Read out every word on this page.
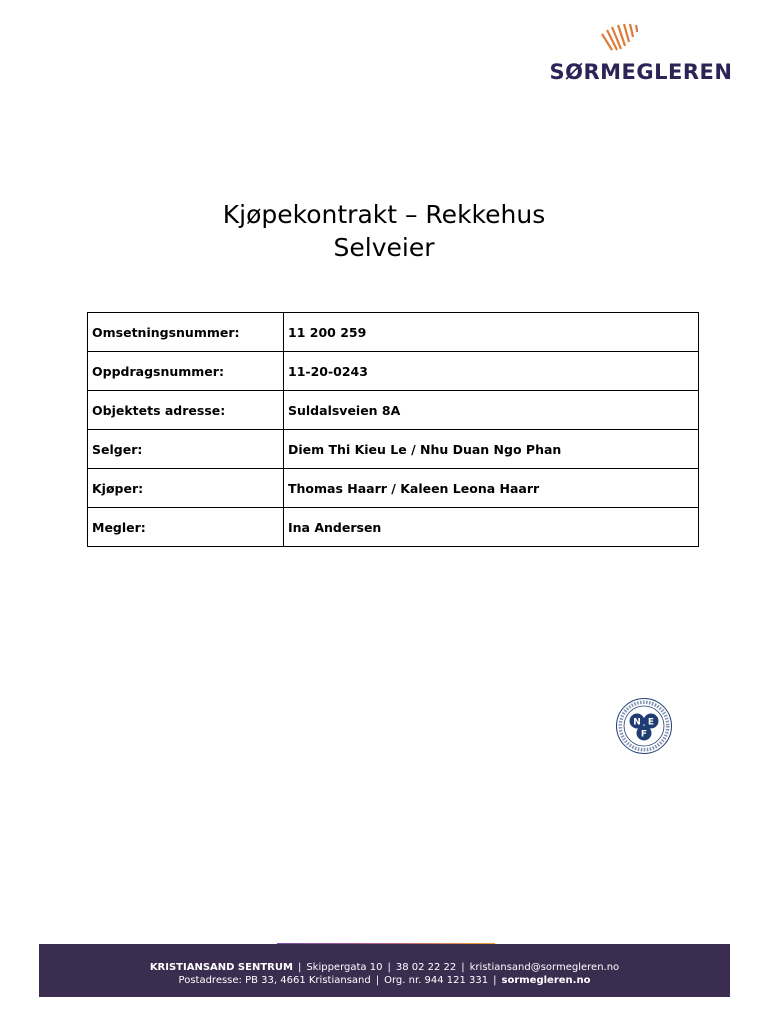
SØRMEGLEREN
Kjøpekontrakt – Rekkehus
Selveier
Omsetningsnummer:	11 200 259
Oppdragsnummer:	11-20-0243
Objektets adresse:	Suldalsveien 8A
Selger:	Diem Thi Kieu Le / Nhu Duan Ngo Phan
Kjøper:	Thomas Haarr / Kaleen Leona Haarr
Megler:	Ina Andersen
N E
F
KRISTIANSAND SENTRUM | Skippergata 10 | 38 02 22 22 | kristiansand@sormegleren.no
Postadresse: PB 33, 4661 Kristiansand | Org. nr. 944 121 331 | sormegleren.no
